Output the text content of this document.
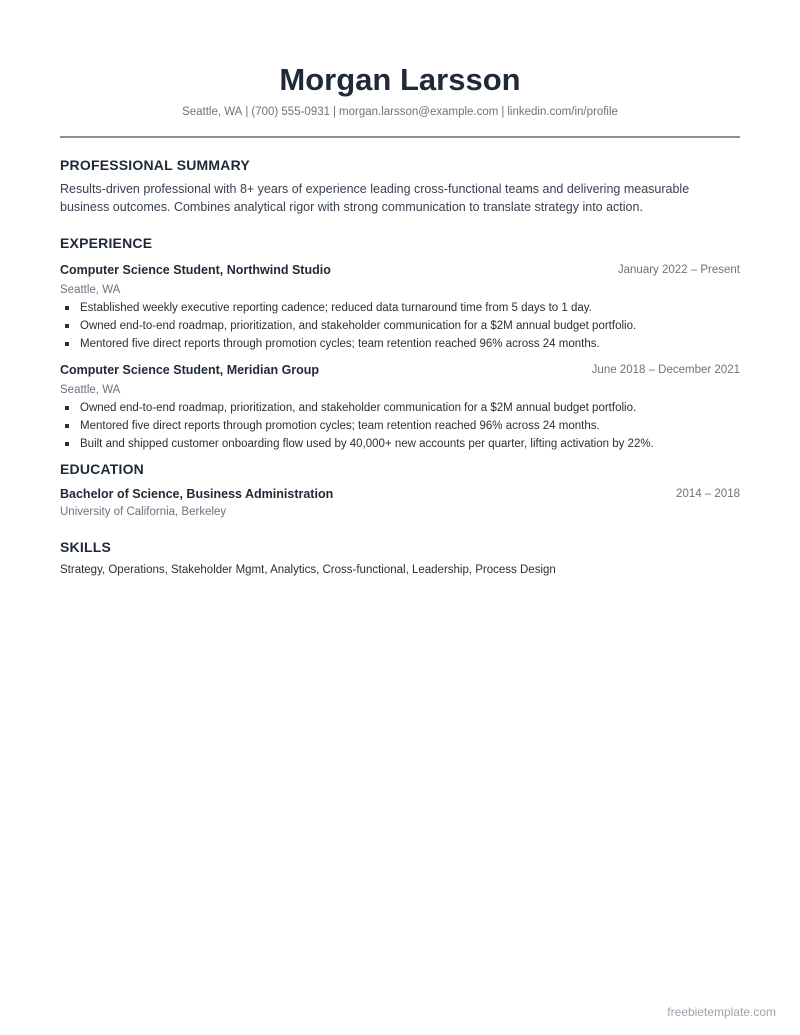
Morgan Larsson
Seattle, WA | (700) 555-0931 | morgan.larsson@example.com | linkedin.com/in/profile
PROFESSIONAL SUMMARY
Results-driven professional with 8+ years of experience leading cross-functional teams and delivering measurable business outcomes. Combines analytical rigor with strong communication to translate strategy into action.
EXPERIENCE
Computer Science Student, Northwind Studio	January 2022 – Present
Seattle, WA
Established weekly executive reporting cadence; reduced data turnaround time from 5 days to 1 day.
Owned end-to-end roadmap, prioritization, and stakeholder communication for a $2M annual budget portfolio.
Mentored five direct reports through promotion cycles; team retention reached 96% across 24 months.
Computer Science Student, Meridian Group	June 2018 – December 2021
Seattle, WA
Owned end-to-end roadmap, prioritization, and stakeholder communication for a $2M annual budget portfolio.
Mentored five direct reports through promotion cycles; team retention reached 96% across 24 months.
Built and shipped customer onboarding flow used by 40,000+ new accounts per quarter, lifting activation by 22%.
EDUCATION
Bachelor of Science, Business Administration	2014 – 2018
University of California, Berkeley
SKILLS
Strategy, Operations, Stakeholder Mgmt, Analytics, Cross-functional, Leadership, Process Design
freebietemplate.com
